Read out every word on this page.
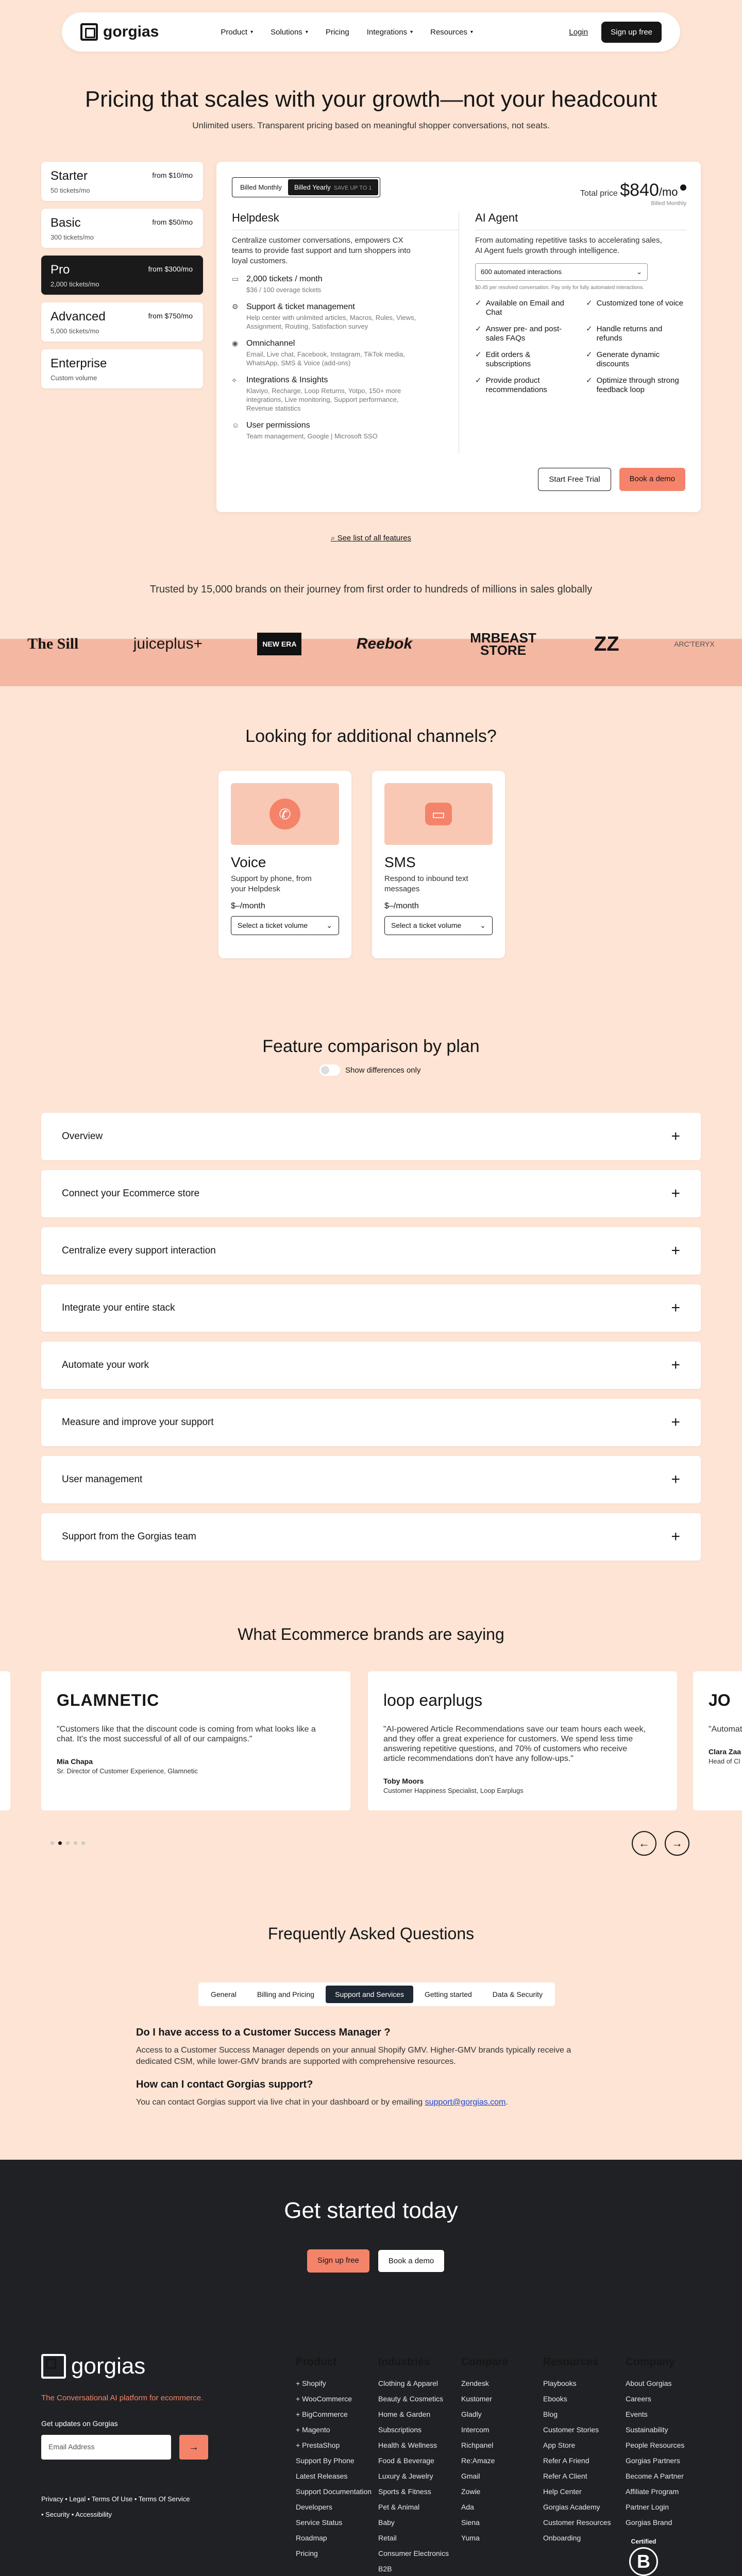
gorgias	Product ▾ Solutions ▾ Pricing Integrations ▾ Resources ▾	Login	Sign up free
Pricing that scales with your growth—not your headcount
Unlimited users. Transparent pricing based on meaningful shopper conversations, not seats.
Starter
50 tickets/mo
from $10/mo
Basic
300 tickets/mo
from $50/mo
Pro
2,000 tickets/mo
from $300/mo
Advanced
5,000 tickets/mo
from $750/mo
Enterprise
Custom volume
Billed Monthly	Billed Yearly SAVE UP TO 1
Total price $840/mo
Billed Monthly
Helpdesk

Centralize customer conversations, empowers CX teams to provide fast support and turn shoppers into loyal customers.

▭ 2,000 tickets / month
$36 / 100 overage tickets
⚙ Support & ticket management
Help center with unlimited articles, Macros, Rules, Views, Assignment, Routing, Satisfaction survey
◉ Omnichannel
Email, Live chat, Facebook, Instagram, TikTok media, WhatsApp, SMS & Voice (add-ons)
⟡	Integrations & Insights
Klaviyo, Recharge, Loop Returns, Yotpo, 150+ more integrations, Live monitoring, Support performance, Revenue statistics
☺ User permissions
Team management, Google | Microsoft SSO
AI Agent

From automating repetitive tasks to accelerating sales, AI Agent fuels growth through intelligence.

600 automated interactions	⌄
$0.45 per resolved conversation. Pay only for fully automated interactions.
✓ Available on Email and Chat
✓ Customized tone of voice
✓ Answer pre- and post-sales FAQs
✓ Handle returns and refunds
✓ Edit orders & subscriptions
✓ Generate dynamic discounts
✓ Provide product recommendations
✓ Optimize through strong feedback loop
Start Free Trial	Book a demo
⌕ See list of all features
Trusted by 15,000 brands on their journey from first order to hundreds of millions in sales globally
The Sill	juiceplus+	NEW ERA	Reebok	MRBEAST STORE	ZZ	ARC'TERYX
Looking for additional channels?
✆
Voice

Support by phone, from your Helpdesk

$–/month
Select a ticket volume	⌄
▭
SMS

Respond to inbound text messages

$–/month
Select a ticket volume	⌄
Feature comparison by plan
Show differences only
Overview	+
Connect your Ecommerce store	+
Centralize every support interaction	+
Integrate your entire stack	+
Automate your work	+
Measure and improve your support	+
User management	+
Support from the Gorgias team	+
What Ecommerce brands are saying
GLAMNETIC
"Customers like that the discount code is coming from what looks like a chat. It's the most successful of all of our campaigns."
Mia Chapa
Sr. Director of Customer Experience, Glamnetic
loop earplugs
"AI-powered Article Recommendations save our team hours each week, and they offer a great experience for customers. We spend less time answering repetitive questions, and 70% of customers who receive article recommendations don't have any follow-ups."
Toby Moors
Customer Happiness Specialist, Loop Earplugs
JO
"Automat
Clara Zaa
Head of Cl
←	→
Frequently Asked Questions
General	Billing and Pricing	Support and Services	Getting started	Data & Security
Do I have access to a Customer Success Manager ?
Access to a Customer Success Manager depends on your annual Shopify GMV. Higher-GMV brands typically receive a dedicated CSM, while lower-GMV brands are supported with comprehensive resources.
How can I contact Gorgias support?
You can contact Gorgias support via live chat in your dashboard or by emailing support@gorgias.com.
Get started today
Sign up free	Book a demo
gorgias
The Conversational AI platform for ecommerce.
Get updates on Gorgias
Email Address	→
Privacy • Legal • Terms Of Use • Terms Of Service
• Security • Accessibility
Product
+ Shopify
+ WooCommerce
+ BigCommerce
+ Magento
+ PrestaShop
Support By Phone
Latest Releases
Support Documentation
Developers
Service Status
Roadmap
Pricing
Industries
Clothing & Apparel
Beauty & Cosmetics
Home & Garden
Subscriptions
Health & Wellness
Food & Beverage
Luxury & Jewelry
Sports & Fitness
Pet & Animal
Baby
Retail
Consumer Electronics
B2B
Compare
Zendesk
Kustomer
Gladly
Intercom
Richpanel
Re:Amaze
Gmail
Zowie
Ada
Siena
Yuma
Resources
Playbooks
Ebooks
Blog
Customer Stories
App Store
Refer A Friend
Refer A Client
Help Center
Gorgias Academy
Customer Resources
Onboarding
Company
About Gorgias
Careers
Events
Sustainability
People Resources
Gorgias Partners
Become A Partner
Affiliate Program
Partner Login
Gorgias Brand
Certified
B
